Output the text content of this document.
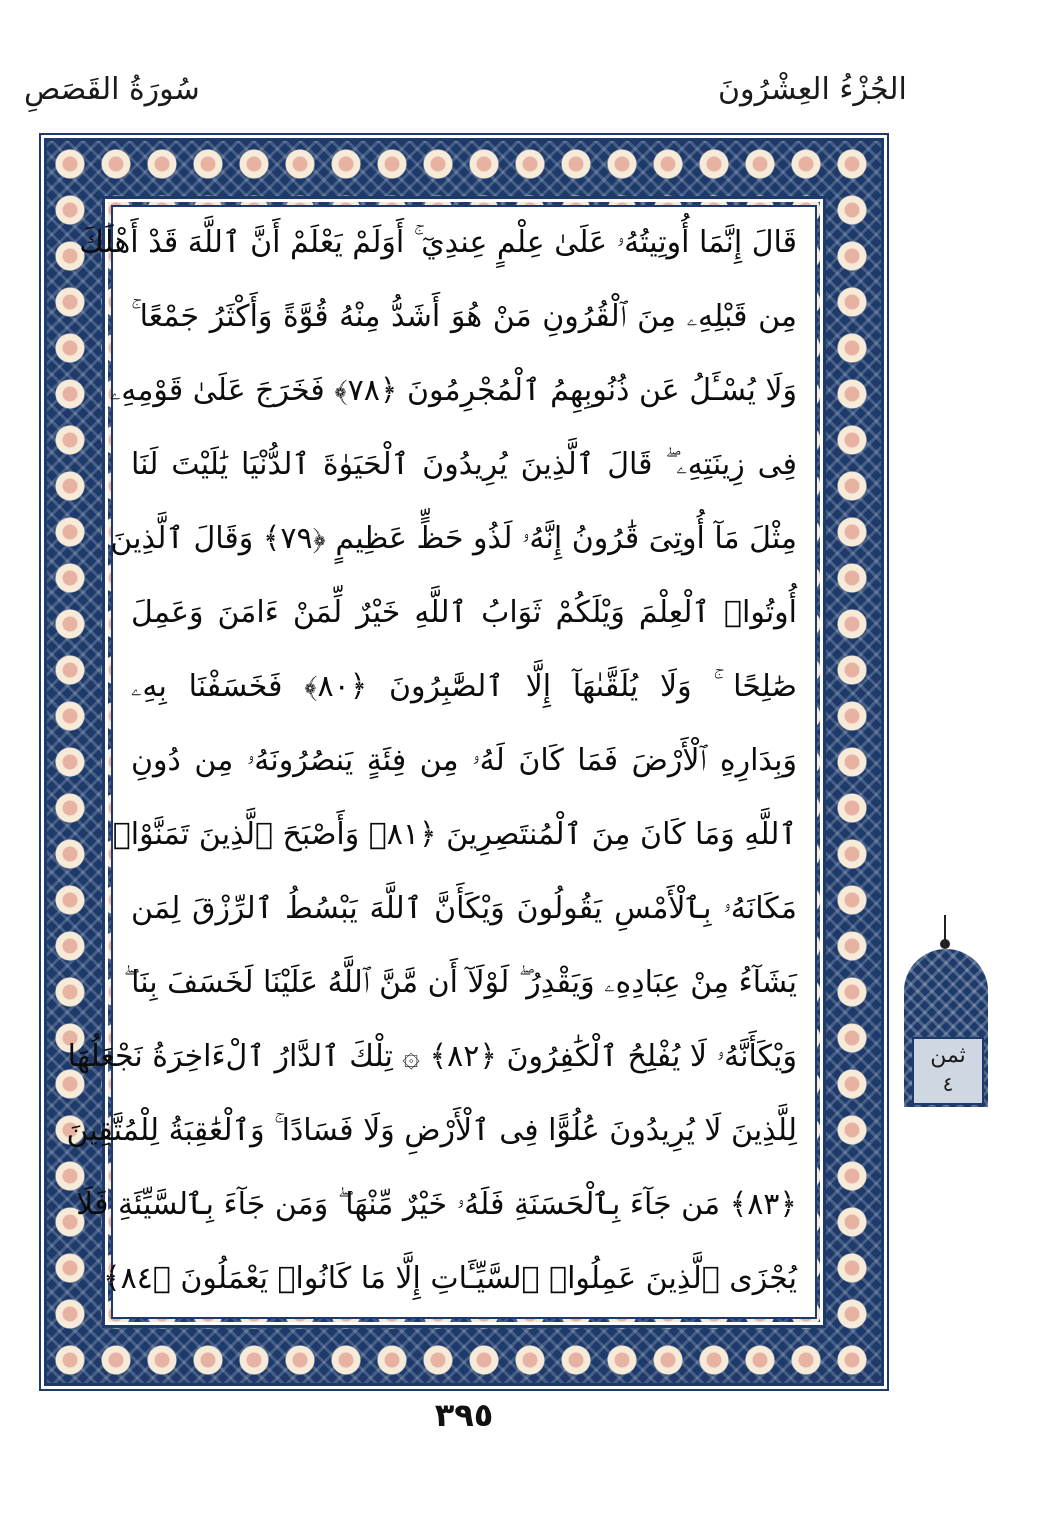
الجُزْءُ العِشْرُونَ
سُورَةُ القَصَصِ
قَالَ إِنَّمَا أُوتِيتُهُۥ عَلَىٰ عِلْمٍ عِندِيٓ ۚ أَوَلَمْ يَعْلَمْ أَنَّ ٱللَّهَ قَدْ أَهْلَكَ
مِن قَبْلِهِۦ مِنَ ٱلْقُرُونِ مَنْ هُوَ أَشَدُّ مِنْهُ قُوَّةً وَأَكْثَرُ جَمْعًا ۚ
وَلَا يُسْـَٔلُ عَن ذُنُوبِهِمُ ٱلْمُجْرِمُونَ ﴿٧٨﴾ فَخَرَجَ عَلَىٰ قَوْمِهِۦ
فِى زِينَتِهِۦ ۖ قَالَ ٱلَّذِينَ يُرِيدُونَ ٱلْحَيَوٰةَ ٱلدُّنْيَا يَٰلَيْتَ لَنَا
مِثْلَ مَآ أُوتِىَ قَٰرُونُ إِنَّهُۥ لَذُو حَظٍّ عَظِيمٍ ﴿٧٩﴾ وَقَالَ ٱلَّذِينَ
أُوتُوا۟ ٱلْعِلْمَ وَيْلَكُمْ ثَوَابُ ٱللَّهِ خَيْرٌ لِّمَنْ ءَامَنَ وَعَمِلَ
صَٰلِحًا ۚ وَلَا يُلَقَّىٰهَآ إِلَّا ٱلصَّٰبِرُونَ ﴿٨٠﴾ فَخَسَفْنَا بِهِۦ
وَبِدَارِهِ ٱلْأَرْضَ فَمَا كَانَ لَهُۥ مِن فِئَةٍ يَنصُرُونَهُۥ مِن دُونِ
ٱللَّهِ وَمَا كَانَ مِنَ ٱلْمُنتَصِرِينَ ﴿٨١﴾ وَأَصْبَحَ ٱلَّذِينَ تَمَنَّوْا۟
مَكَانَهُۥ بِٱلْأَمْسِ يَقُولُونَ وَيْكَأَنَّ ٱللَّهَ يَبْسُطُ ٱلرِّزْقَ لِمَن
يَشَآءُ مِنْ عِبَادِهِۦ وَيَقْدِرُ ۖ لَوْلَآ أَن مَّنَّ ٱللَّهُ عَلَيْنَا لَخَسَفَ بِنَا ۖ
وَيْكَأَنَّهُۥ لَا يُفْلِحُ ٱلْكَٰفِرُونَ ﴿٨٢﴾ ۞ تِلْكَ ٱلدَّارُ ٱلْءَاخِرَةُ نَجْعَلُهَا
لِلَّذِينَ لَا يُرِيدُونَ عُلُوًّا فِى ٱلْأَرْضِ وَلَا فَسَادًا ۚ وَٱلْعَٰقِبَةُ لِلْمُتَّقِينَ
﴿٨٣﴾ مَن جَآءَ بِٱلْحَسَنَةِ فَلَهُۥ خَيْرٌ مِّنْهَا ۖ وَمَن جَآءَ بِٱلسَّيِّئَةِ فَلَا
يُجْزَى ٱلَّذِينَ عَمِلُوا۟ ٱلسَّيِّـَٔاتِ إِلَّا مَا كَانُوا۟ يَعْمَلُونَ ﴿٨٤﴾
ثمن
٤
٣٩٥
